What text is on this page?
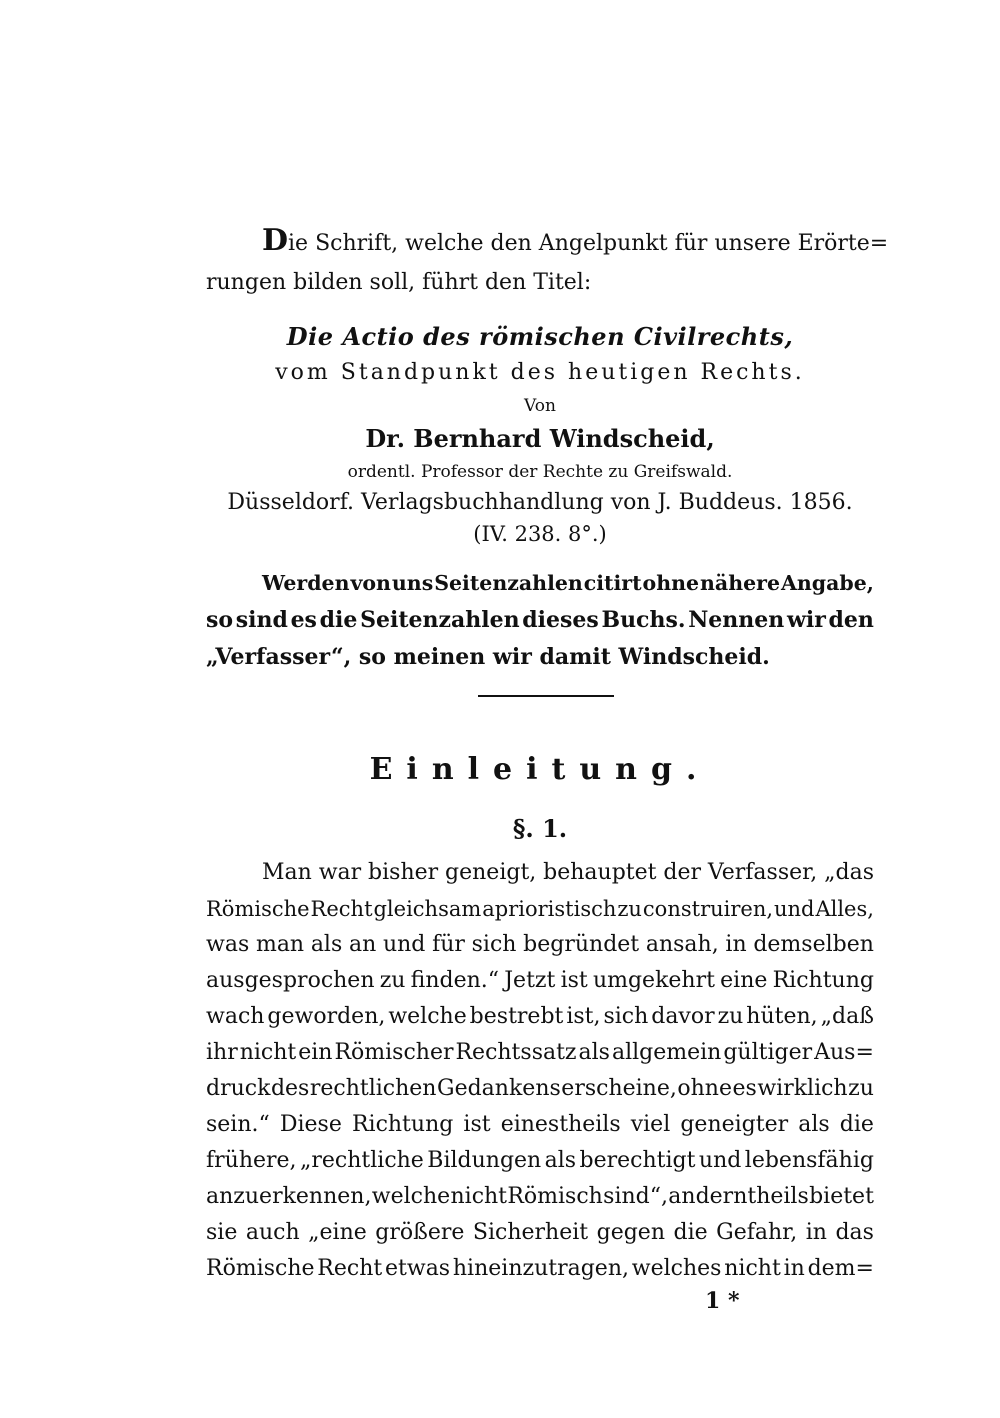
Die Schrift, welche den Angelpunkt für unsere Erörte=
rungen bilden soll, führt den Titel:
Die Actio des römischen Civilrechts,
vom Standpunkt des heutigen Rechts.
Von
Dr. Bernhard Windscheid,
ordentl. Professor der Rechte zu Greifswald.
Düsseldorf. Verlagsbuchhandlung von J. Buddeus. 1856.
(IV. 238. 8°.)
Werden von uns Seitenzahlen citirt ohne nähere Angabe,
so sind es die Seitenzahlen dieses Buchs. Nennen wir den
„Verfasser“, so meinen wir damit Windscheid.
Einleitung.
§. 1.
Man war bisher geneigt, behauptet der Verfasser, „das
Römische Recht gleichsam aprioristisch zu construiren, und Alles,
was man als an und für sich begründet ansah, in demselben
ausgesprochen zu finden.“ Jetzt ist umgekehrt eine Richtung
wach geworden, welche bestrebt ist, sich davor zu hüten, „daß
ihr nicht ein Römischer Rechtssatz als allgemein gültiger Aus=
druck des rechtlichen Gedankens erscheine, ohne es wirklich zu
sein.“ Diese Richtung ist einestheils viel geneigter als die
frühere, „rechtliche Bildungen als berechtigt und lebensfähig
anzuerkennen, welche nicht Römisch sind“, anderntheils bietet
sie auch „eine größere Sicherheit gegen die Gefahr, in das
Römische Recht etwas hineinzutragen, welches nicht in dem=
1 *
